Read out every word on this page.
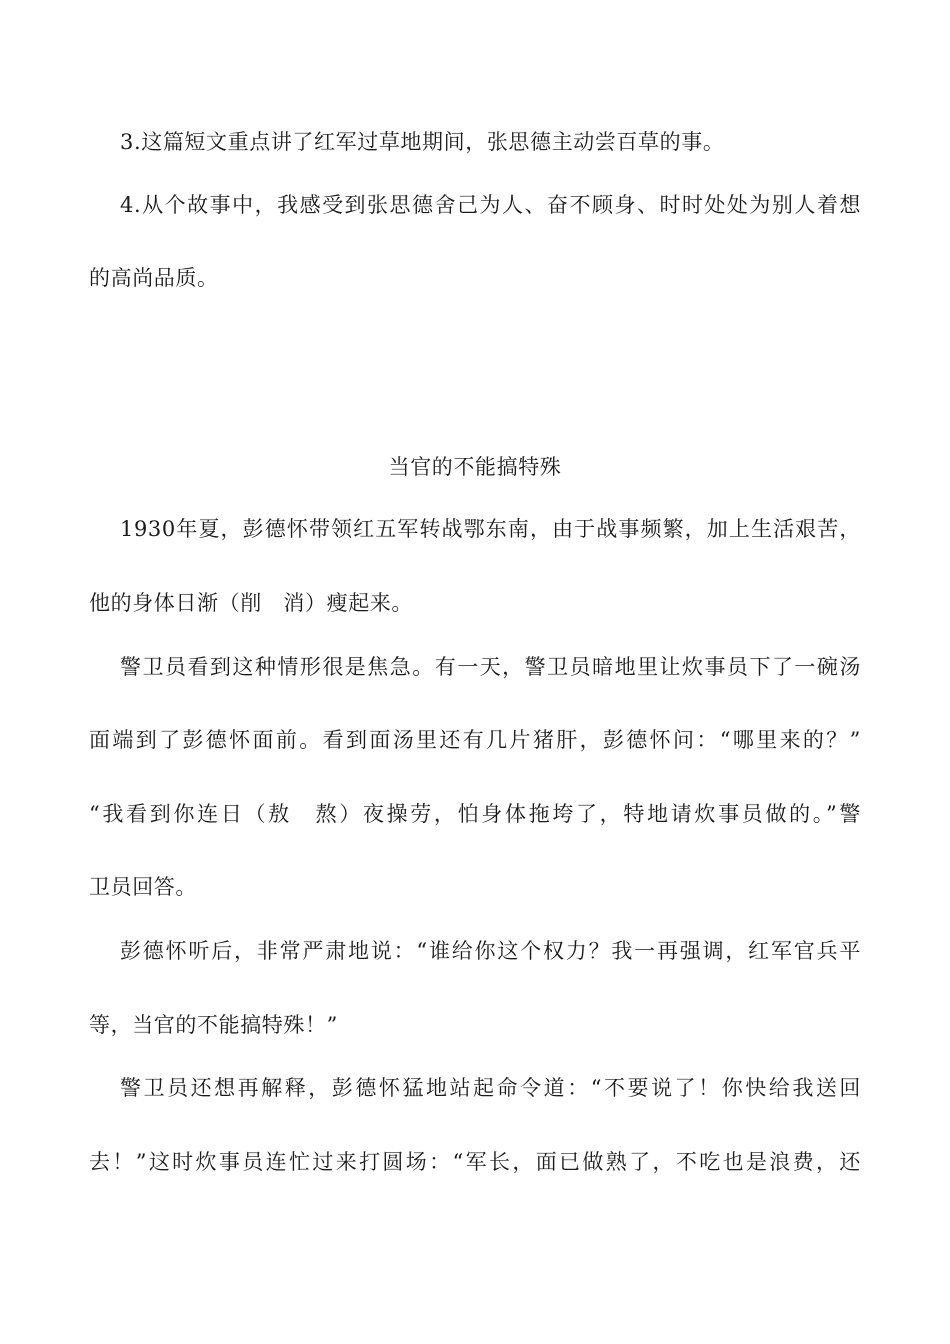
3.这篇短文重点讲了红军过草地期间，张思德主动尝百草的事。
4.从个故事中，我感受到张思德舍己为人、奋不顾身、时时处处为别人着想
的高尚品质。
当官的不能搞特殊
1930年夏，彭德怀带领红五军转战鄂东南，由于战事频繁，加上生活艰苦，
他的身体日渐（削　消）瘦起来。
警卫员看到这种情形很是焦急。有一天，警卫员暗地里让炊事员下了一碗汤
面端到了彭德怀面前。看到面汤里还有几片猪肝，彭德怀问：“哪里来的？”
“我看到你连日（敖　熬）夜操劳，怕身体拖垮了，特地请炊事员做的。”警
卫员回答。
彭德怀听后，非常严肃地说：“谁给你这个权力？我一再强调，红军官兵平
等，当官的不能搞特殊！”
警卫员还想再解释，彭德怀猛地站起命令道：“不要说了！你快给我送回
去！”这时炊事员连忙过来打圆场：“军长，面已做熟了，不吃也是浪费，还
